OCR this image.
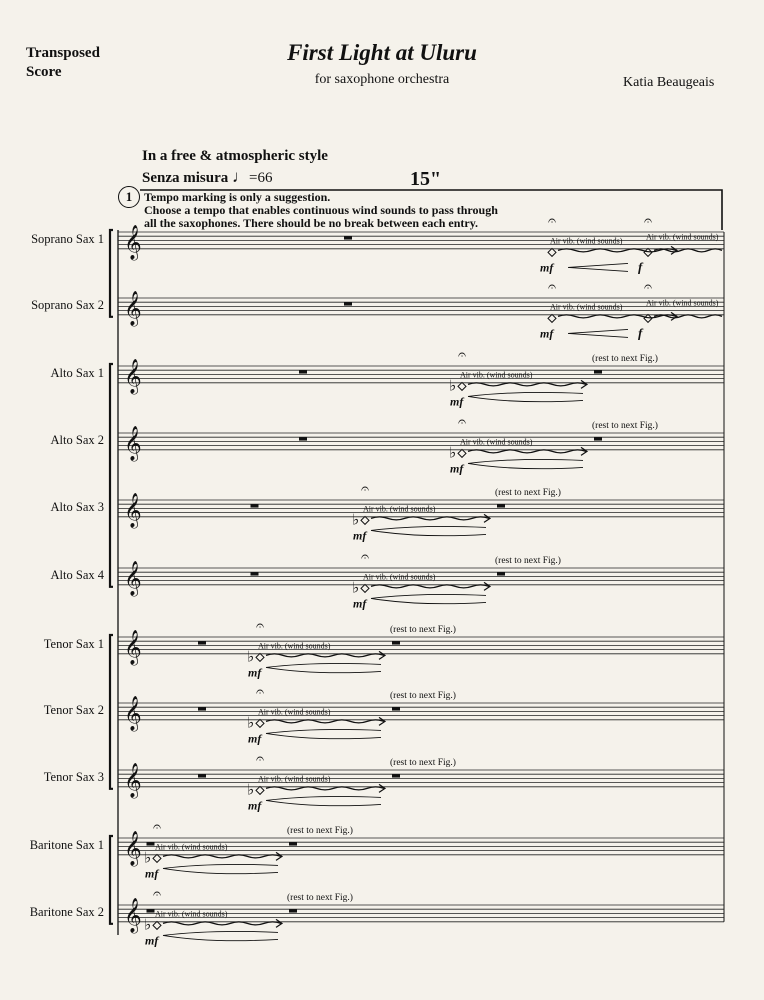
Transposed
Score
First Light at Uluru
for saxophone orchestra	Katia Beaugeais
In a free & atmospheric style
Senza misura ♩=66	15"
1 Tempo marking is only a suggestion.
Choose a tempo that enables continuous wind sounds to pass through
all the saxophones. There should be no break between each entry.
Soprano Sax 1
Soprano Sax 2
Alto Sax 1
Alto Sax 2
Alto Sax 3
Alto Sax 4
Tenor Sax 1
Tenor Sax 2
Tenor Sax 3
Baritone Sax 1
Baritone Sax 2
𝄞
𝄐
Air vib. (wind sounds)
mf	f
𝄐
Air vib. (wind sounds)
𝄞
𝄐
Air vib. (wind sounds)
mf	f
𝄐
Air vib. (wind sounds)
𝄞	♭
𝄐
Air vib. (wind sounds)
mf
(rest to next Fig.)
𝄞	♭
𝄐
Air vib. (wind sounds)
mf
(rest to next Fig.)
𝄞	♭
𝄐
Air vib. (wind sounds)
mf
(rest to next Fig.)
𝄞	♭
𝄐
Air vib. (wind sounds)
mf
(rest to next Fig.)
𝄞	♭
𝄐
Air vib. (wind sounds)
mf
(rest to next Fig.)
𝄞	♭
𝄐
Air vib. (wind sounds)
mf
(rest to next Fig.)
𝄞	♭
𝄐
Air vib. (wind sounds)
mf
(rest to next Fig.)
𝄞 ♭
𝄐
Air vib. (wind sounds)
mf
(rest to next Fig.)
𝄞 ♭
𝄐
Air vib. (wind sounds)
mf
(rest to next Fig.)
